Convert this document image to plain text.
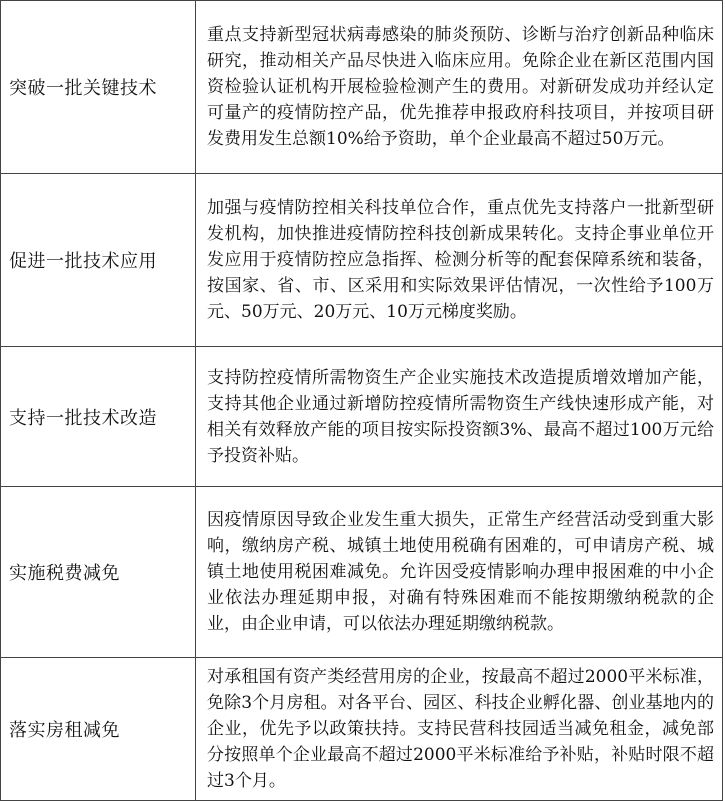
突破一批关键技术	重点支持新型冠状病毒感染的肺炎预防、诊断与治疗创新品种临床研究，推动相关产品尽快进入临床应用。免除企业在新区范围内国资检验认证机构开展检验检测产生的费用。对新研发成功并经认定可量产的疫情防控产品，优先推荐申报政府科技项目，并按项目研发费用发生总额10%给予资助，单个企业最高不超过50万元。
促进一批技术应用	加强与疫情防控相关科技单位合作，重点优先支持落户一批新型研发机构，加快推进疫情防控科技创新成果转化。支持企事业单位开发应用于疫情防控应急指挥、检测分析等的配套保障系统和装备，按国家、省、市、区采用和实际效果评估情况，一次性给予100万元、50万元、20万元、10万元梯度奖励。
支持一批技术改造	支持防控疫情所需物资生产企业实施技术改造提质增效增加产能，支持其他企业通过新增防控疫情所需物资生产线快速形成产能，对相关有效释放产能的项目按实际投资额3%、最高不超过100万元给予投资补贴。
实施税费减免	因疫情原因导致企业发生重大损失，正常生产经营活动受到重大影响，缴纳房产税、城镇土地使用税确有困难的，可申请房产税、城镇土地使用税困难减免。允许因受疫情影响办理申报困难的中小企业依法办理延期申报，对确有特殊困难而不能按期缴纳税款的企业，由企业申请，可以依法办理延期缴纳税款。
落实房租减免	对承租国有资产类经营用房的企业，按最高不超过2000平米标准，免除3个月房租。对各平台、园区、科技企业孵化器、创业基地内的企业，优先予以政策扶持。支持民营科技园适当减免租金，减免部分按照单个企业最高不超过2000平米标准给予补贴，补贴时限不超过3个月。
